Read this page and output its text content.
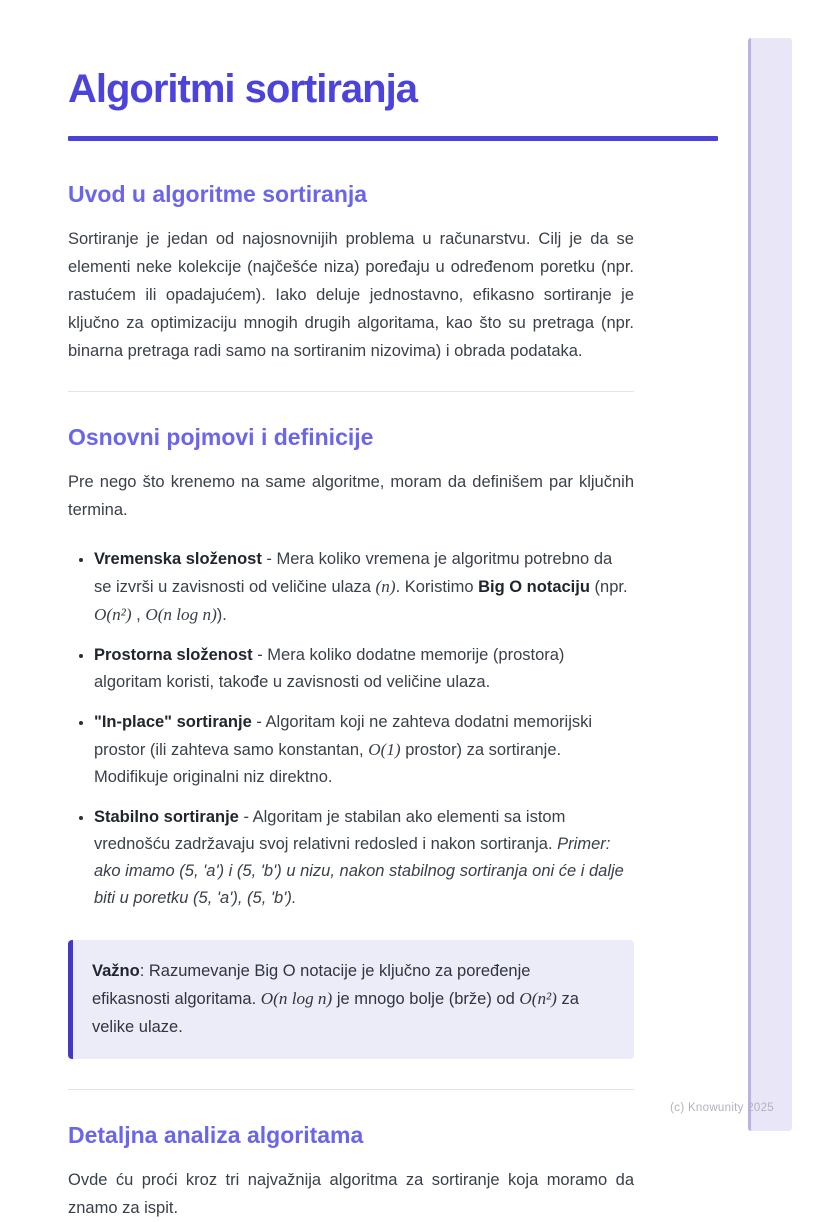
Algoritmi sortiranja
Uvod u algoritme sortiranja

Sortiranje je jedan od najosnovnijih problema u računarstvu. Cilj je da se elementi neke kolekcije (najčešće niza) poređaju u određenom poretku (npr. rastućem ili opadajućem). Iako deluje jednostavno, efikasno sortiranje je ključno za optimizaciju mnogih drugih algoritama, kao što su pretraga (npr. binarna pretraga radi samo na sortiranim nizovima) i obrada podataka.

Osnovni pojmovi i definicije

Pre nego što krenemo na same algoritme, moram da definišem par ključnih termina.

• Vremenska složenost - Mera koliko vremena je algoritmu potrebno da se izvrši u zavisnosti od veličine ulaza (n). Koristimo Big O notaciju (npr. O(n²) , O(n log n)).
• Prostorna složenost - Mera koliko dodatne memorije (prostora) algoritam koristi, takođe u zavisnosti od veličine ulaza.
• "In-place" sortiranje - Algoritam koji ne zahteva dodatni memorijski prostor (ili zahteva samo konstantan, O(1) prostor) za sortiranje. Modifikuje originalni niz direktno.
• Stabilno sortiranje - Algoritam je stabilan ako elementi sa istom vrednošću zadržavaju svoj relativni redosled i nakon sortiranja. Primer: ako imamo (5, 'a') i (5, 'b') u nizu, nakon stabilnog sortiranja oni će i dalje biti u poretku (5, 'a'), (5, 'b').
Važno: Razumevanje Big O notacije je ključno za poređenje efikasnosti algoritama. O(n log n) je mnogo bolje (brže) od O(n²) za velike ulaze.
Detaljna analiza algoritama

Ovde ću proći kroz tri najvažnija algoritma za sortiranje koja moramo da znamo za ispit.

(c) Knowunity 2025
